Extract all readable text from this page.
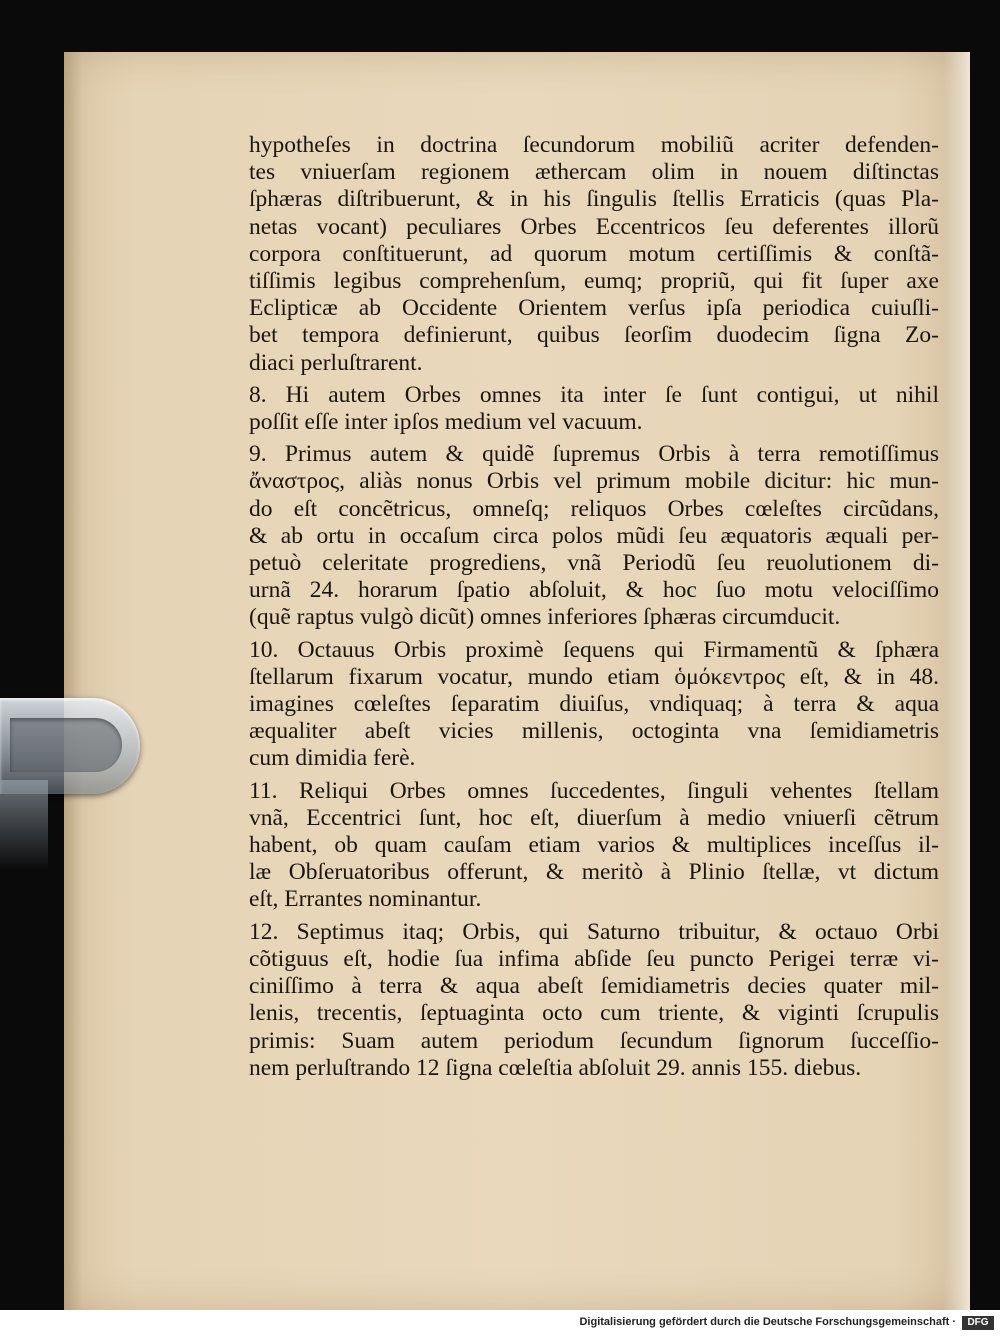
hypotheſes in doctrina ſecundorum mobiliũ acriter defenden-
tes vniuerſam regionem æthercam olim in nouem diſtinctas
ſphæras diſtribuerunt, & in his ſingulis ſtellis Erraticis (quas Pla-
netas vocant) peculiares Orbes Eccentricos ſeu deferentes illorũ
corpora conſtituerunt, ad quorum motum certiſſimis & conſtã-
tiſſimis legibus comprehenſum, eumq; propriũ, qui fit ſuper axe
Eclipticæ ab Occidente Orientem verſus ipſa periodica cuiuſli-
bet tempora definierunt, quibus ſeorſim duodecim ſigna Zo-
diaci perluſtrarent.
8. Hi autem Orbes omnes ita inter ſe ſunt contigui, ut nihil
poſſit eſſe inter ipſos medium vel vacuum.
9. Primus autem & quidẽ ſupremus Orbis à terra remotiſſimus
ἄναστρος, aliàs nonus Orbis vel primum mobile dicitur: hic mun-
do eſt concẽtricus, omneſq; reliquos Orbes cœleſtes circũdans,
& ab ortu in occaſum circa polos mũdi ſeu æquatoris æquali per-
petuò celeritate progrediens, vnã Periodũ ſeu reuolutionem di-
urnã 24. horarum ſpatio abſoluit, & hoc ſuo motu velociſſimo
(quẽ raptus vulgò dicũt) omnes inferiores ſphæras circumducit.
10. Octauus Orbis proximè ſequens qui Firmamentũ & ſphæra
ſtellarum fixarum vocatur, mundo etiam ὁμόκεντρος eſt, & in 48.
imagines cœleſtes ſeparatim diuiſus, vndiquaq; à terra & aqua
æqualiter abeſt vicies millenis, octoginta vna ſemidiametris
cum dimidia ferè.
11. Reliqui Orbes omnes ſuccedentes, ſinguli vehentes ſtellam
vnã, Eccentrici ſunt, hoc eſt, diuerſum à medio vniuerſi cẽtrum
habent, ob quam cauſam etiam varios & multiplices inceſſus il-
læ Obſeruatoribus offerunt, & meritò à Plinio ſtellæ, vt dictum
eſt, Errantes nominantur.
12. Septimus itaq; Orbis, qui Saturno tribuitur, & octauo Orbi
cõtiguus eſt, hodie ſua infima abſide ſeu puncto Perigei terræ vi-
ciniſſimo à terra & aqua abeſt ſemidiametris decies quater mil-
lenis, trecentis, ſeptuaginta octo cum triente, & viginti ſcrupulis
primis: Suam autem periodum ſecundum ſignorum ſucceſſio-
nem perluſtrando 12 ſigna cœleſtia abſoluit 29. annis 155. diebus.
Digitalisierung gefördert durch die Deutsche Forschungsgemeinschaft ·	DFG
